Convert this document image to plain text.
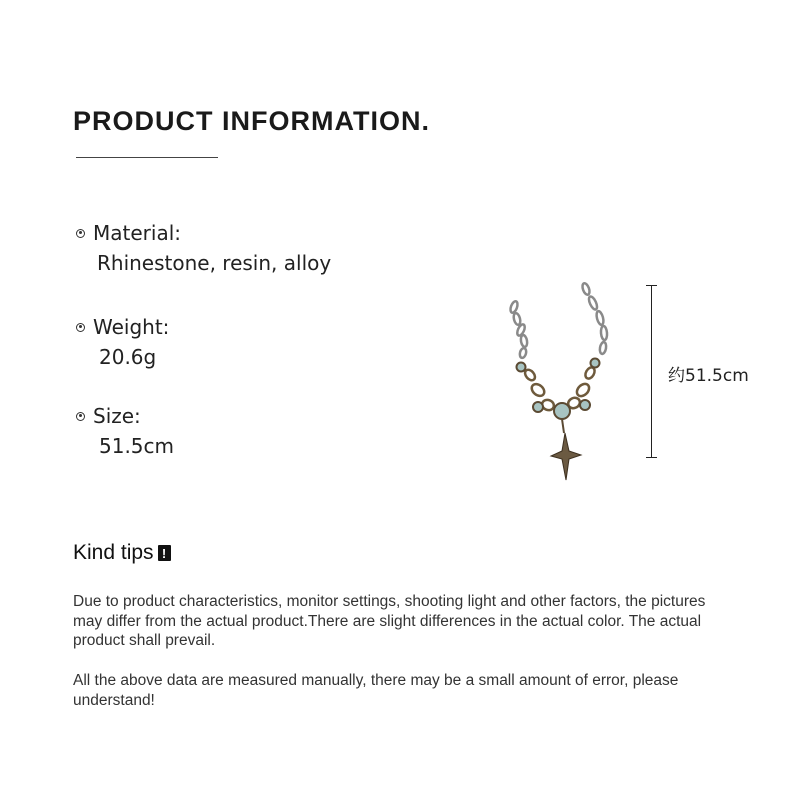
PRODUCT INFORMATION.
Material:
Rhinestone, resin, alloy
Weight:
20.6g
Size:
51.5cm
约51.5cm
Kind tips !
Due to product characteristics, monitor settings, shooting light and other factors, the pictures may differ from the actual product.There are slight differences in the actual color. The actual product shall prevail.
All the above data are measured manually, there may be a small amount of error, please understand!
